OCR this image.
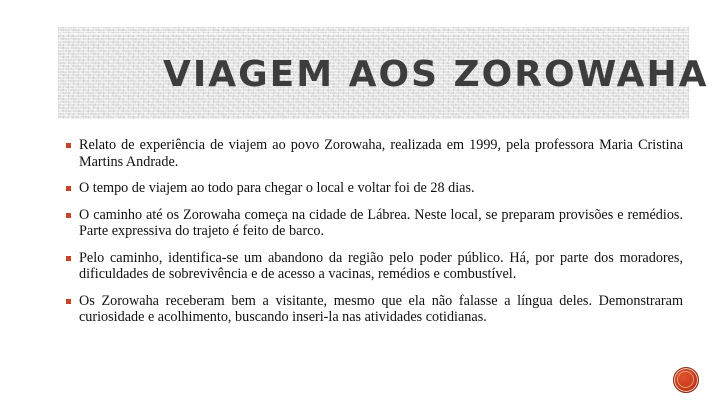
VIAGEM AOS ZOROWAHA
Relato de experiência de viajem ao povo Zorowaha, realizada em 1999, pela professora Maria Cristina Martins Andrade.
O tempo de viajem ao todo para chegar o local e voltar foi de 28 dias.
O caminho até os Zorowaha começa na cidade de Lábrea. Neste local, se preparam provisões e remédios. Parte expressiva do trajeto é feito de barco.
Pelo caminho, identifica-se um abandono da região pelo poder público. Há, por parte dos moradores, dificuldades de sobrevivência e de acesso a vacinas, remédios e combustível.
Os Zorowaha receberam bem a visitante, mesmo que ela não falasse a língua deles. Demonstraram curiosidade e acolhimento, buscando inseri-la nas atividades cotidianas.
